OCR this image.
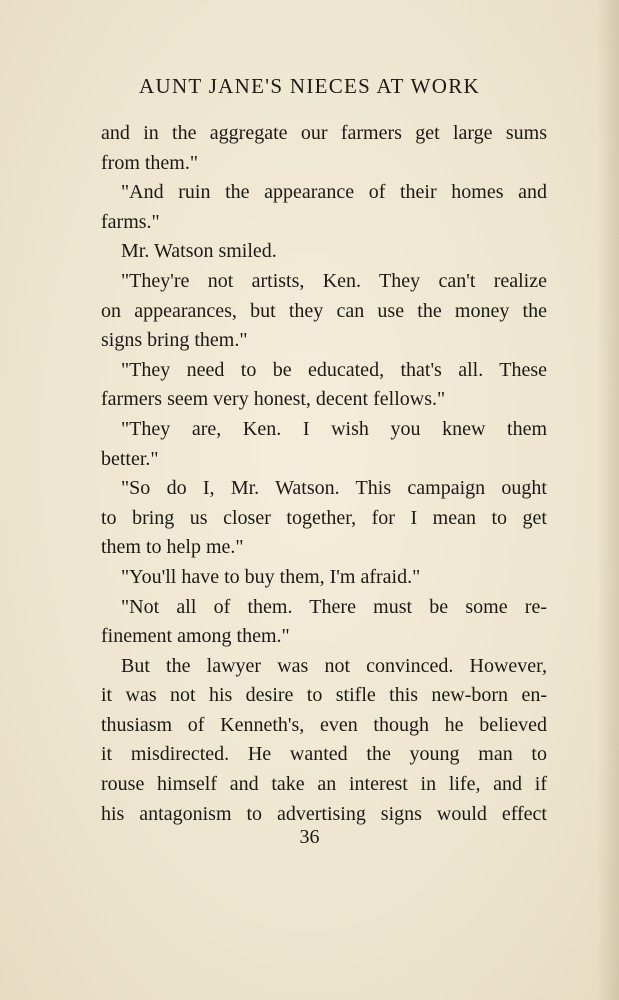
AUNT JANE'S NIECES AT WORK
and in the aggregate our farmers get large sums
from them."
"And ruin the appearance of their homes and
farms."
Mr. Watson smiled.
"They're not artists, Ken. They can't realize
on appearances, but they can use the money the
signs bring them."
"They need to be educated, that's all. These
farmers seem very honest, decent fellows."
"They are, Ken. I wish you knew them
better."
"So do I, Mr. Watson. This campaign ought
to bring us closer together, for I mean to get
them to help me."
"You'll have to buy them, I'm afraid."
"Not all of them. There must be some re-
finement among them."
But the lawyer was not convinced. However,
it was not his desire to stifle this new-born en-
thusiasm of Kenneth's, even though he believed
it misdirected. He wanted the young man to
rouse himself and take an interest in life, and if
his antagonism to advertising signs would effect
36
